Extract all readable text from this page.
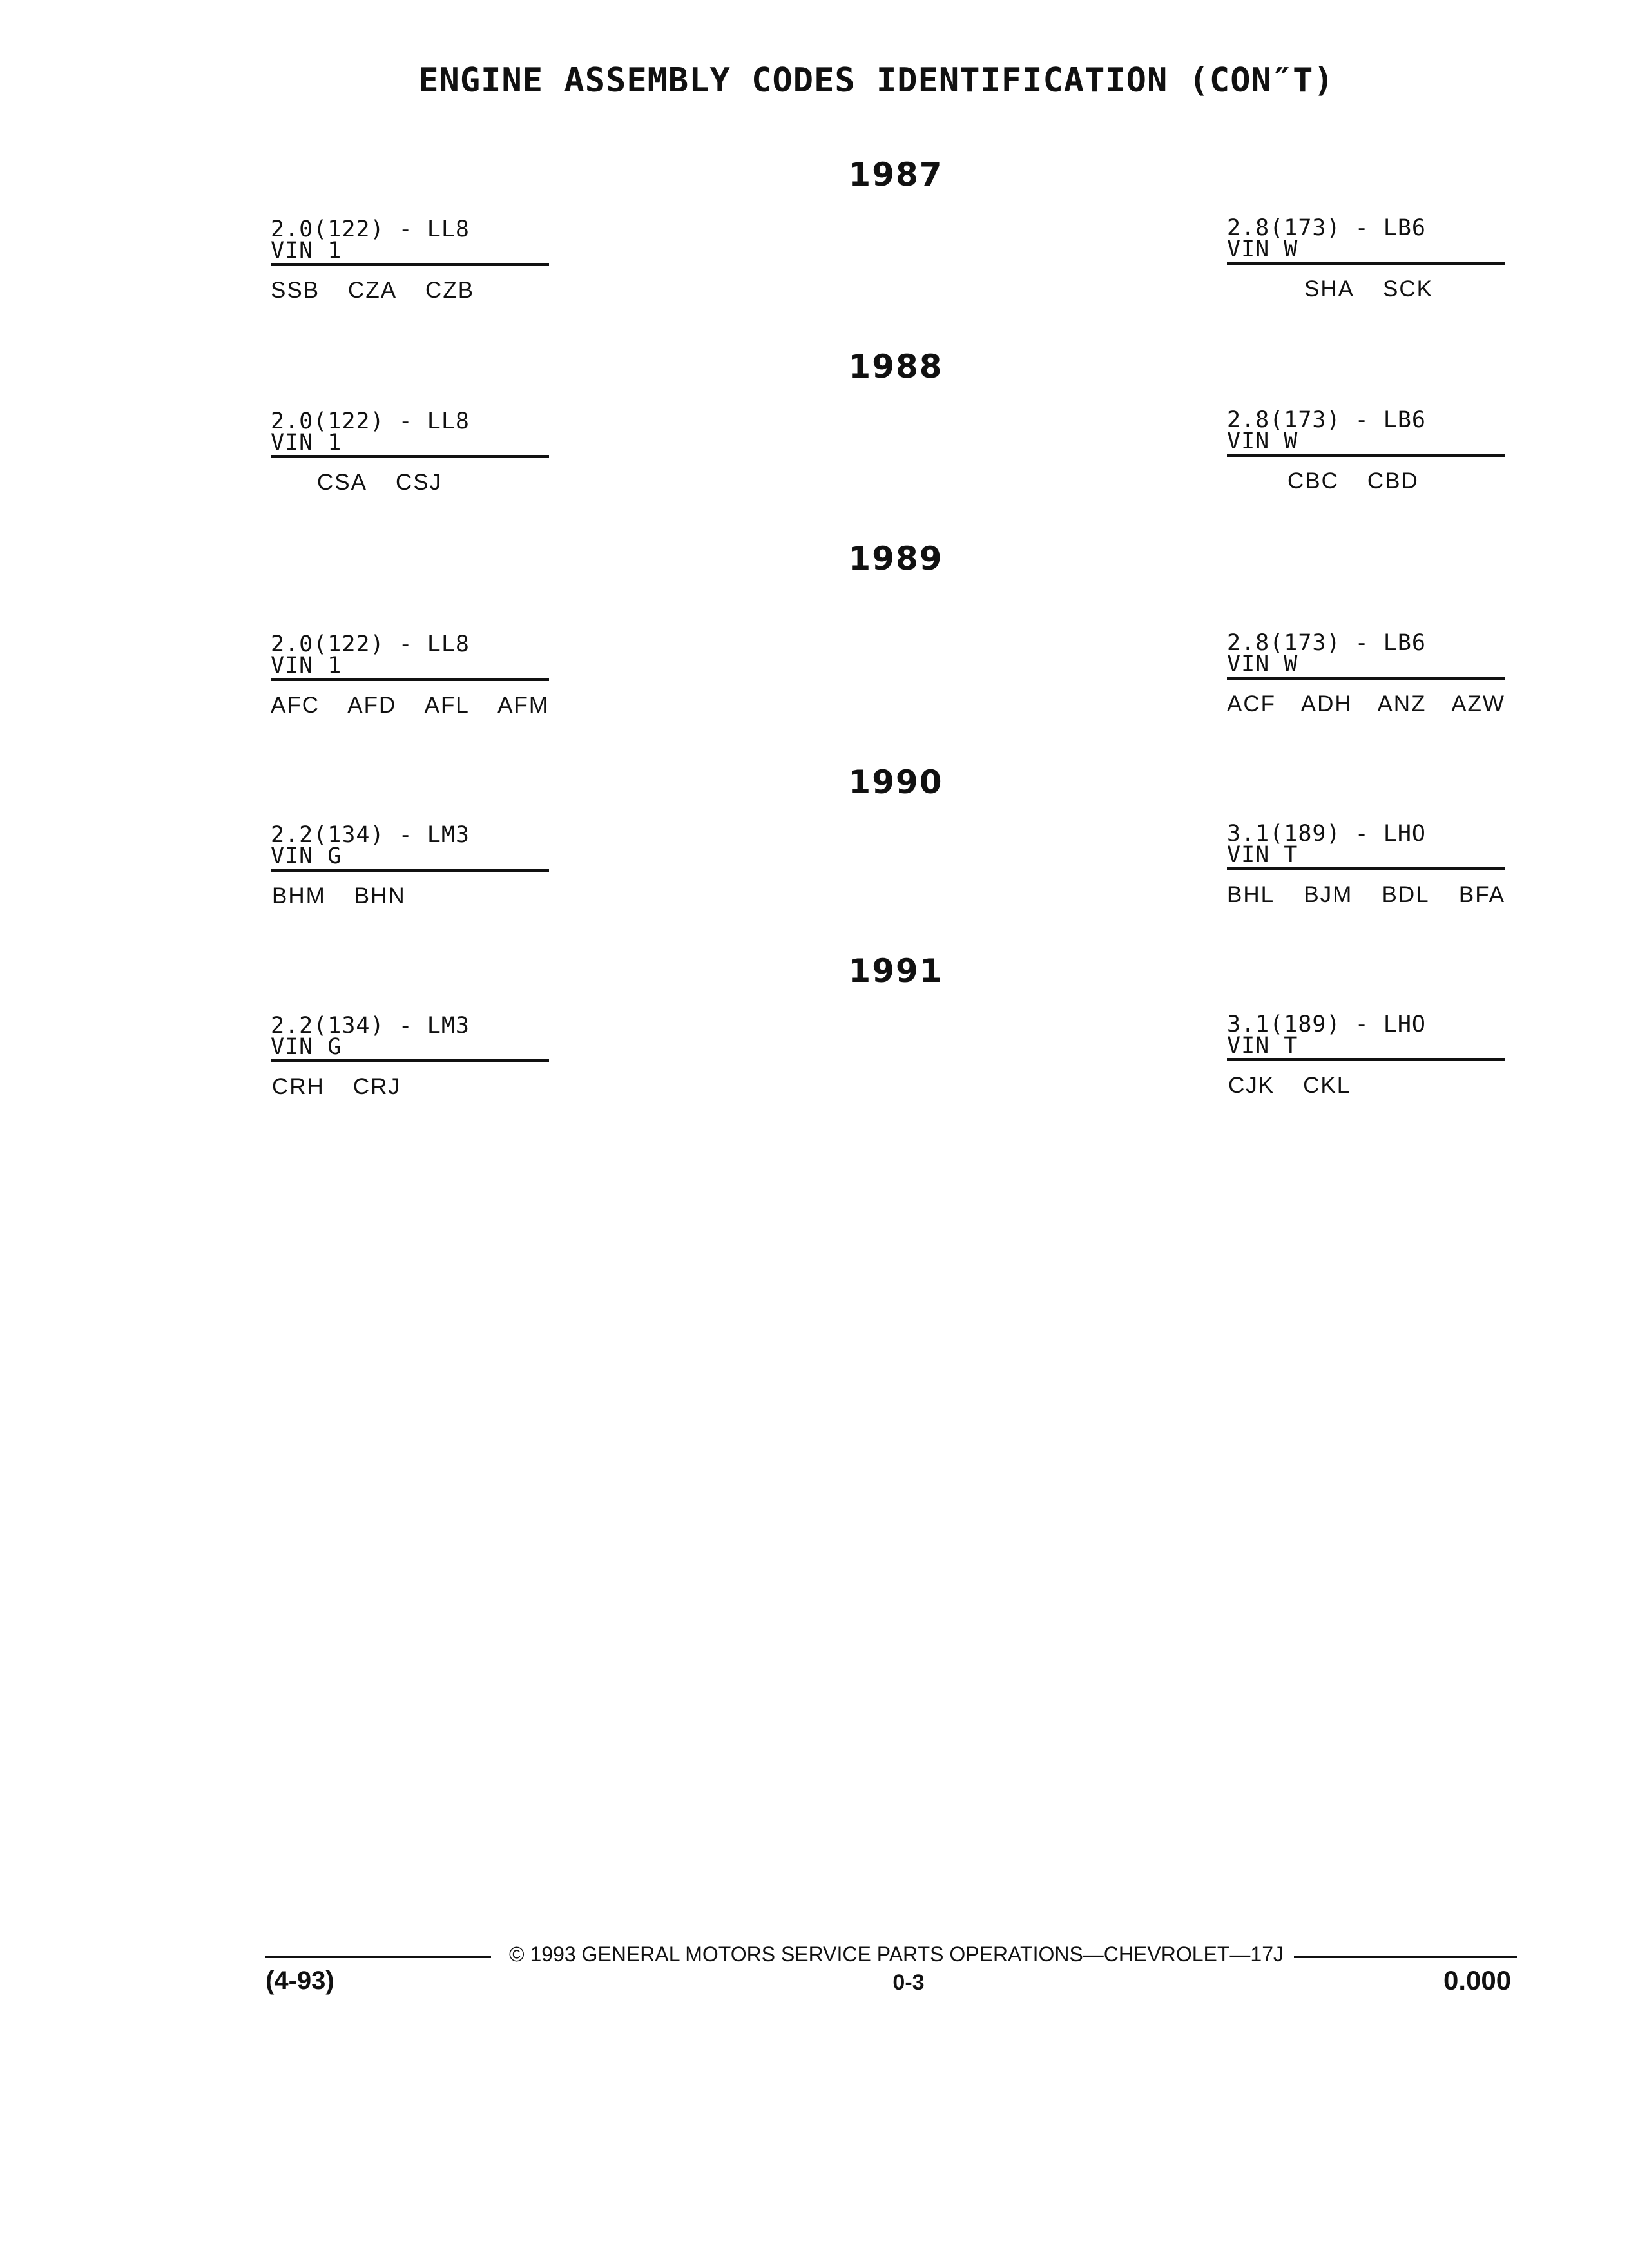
ENGINE ASSEMBLY CODES IDENTIFICATION (CON″T)
1987
2.0(122) - LL8
VIN 1
SSB CZA CZB
2.8(173) - LB6
VIN W
SHA SCK
1988
2.0(122) - LL8
VIN 1
CSA CSJ
2.8(173) - LB6
VIN W
CBC CBD
1989
2.0(122) - LL8
VIN 1
AFC AFD AFL AFM
2.8(173) - LB6
VIN W
ACF ADH ANZ AZW
1990
2.2(134) - LM3
VIN G
BHM BHN
3.1(189) - LHO
VIN T
BHL BJM BDL BFA
1991
2.2(134) - LM3
VIN G
CRH CRJ
3.1(189) - LHO
VIN T
CJK CKL
© 1993 GENERAL MOTORS SERVICE PARTS OPERATIONS—CHEVROLET—17J
(4-93)	0-3	0.000
